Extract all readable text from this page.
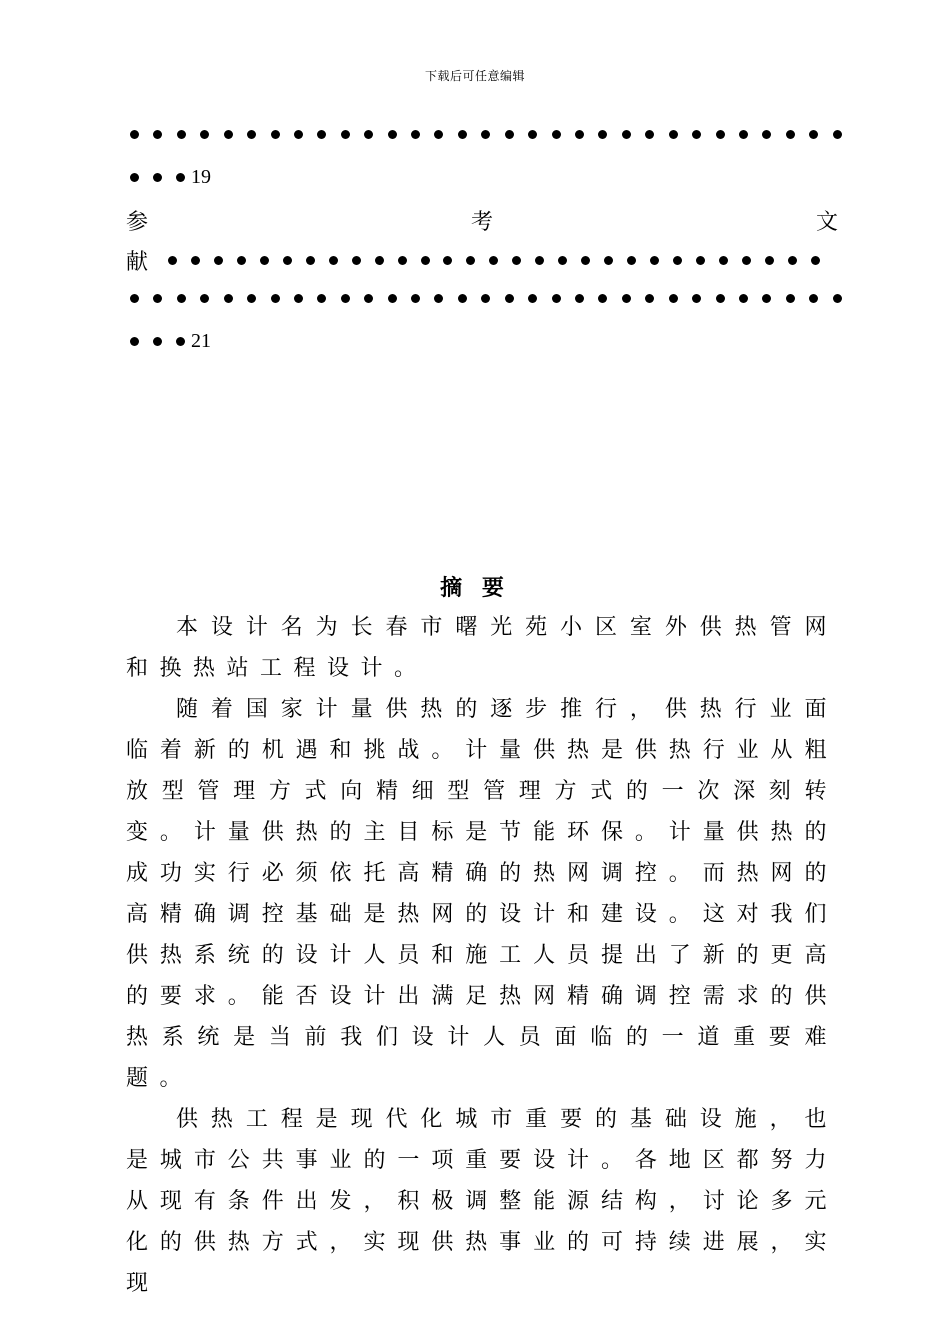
下载后可任意编辑
19
参	考	文
献
21
摘 要

本设计名为长春市曙光苑小区室外供热管网和换热站工程设计。

随着国家计量供热的逐步推行，供热行业面临着新的机遇和挑战。计量供热是供热行业从粗放型管理方式向精细型管理方式的一次深刻转变。计量供热的主目标是节能环保。计量供热的成功实行必须依托高精确的热网调控。而热网的高精确调控基础是热网的设计和建设。这对我们供热系统的设计人员和施工人员提出了新的更高的要求。能否设计出满足热网精确调控需求的供热系统是当前我们设计人员面临的一道重要难题。

供热工程是现代化城市重要的基础设施，也是城市公共事业的一项重要设计。各地区都努力从现有条件出发，积极调整能源结构，讨论多元化的供热方式，实现供热事业的可持续进展，实现
